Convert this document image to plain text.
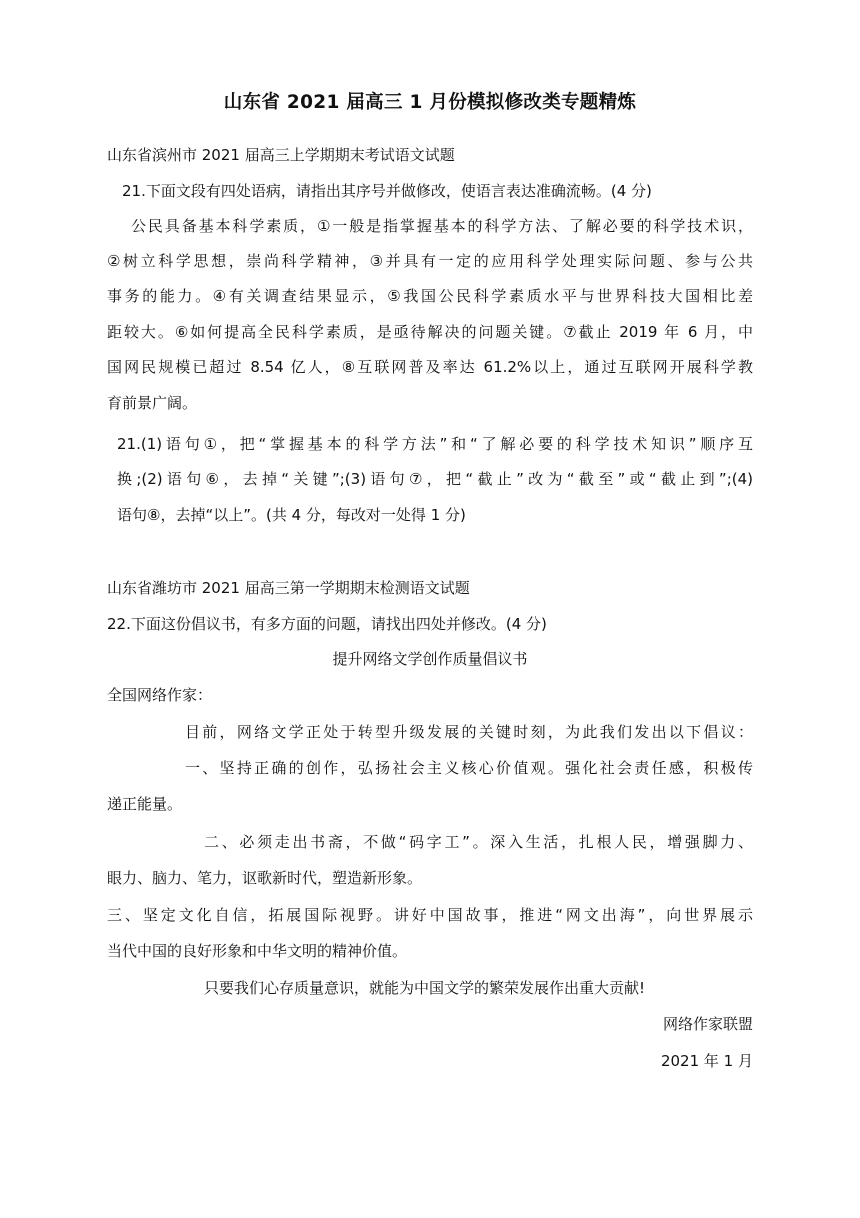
山东省 2021 届高三 1 月份模拟修改类专题精炼
山东省滨州市 2021 届高三上学期期末考试语文试题
21.下面文段有四处语病，请指出其序号并做修改，使语言表达准确流畅。(4 分)
公民具备基本科学素质，①一般是指掌握基本的科学方法、了解必要的科学技术识，
②树立科学思想，崇尚科学精神，③并具有一定的应用科学处理实际问题、参与公共
事务的能力。④有关调查结果显示，⑤我国公民科学素质水平与世界科技大国相比差
距较大。⑥如何提高全民科学素质，是亟待解决的问题关键。⑦截止 2019 年 6 月，中
国网民规模已超过 8.54 亿人，⑧互联网普及率达 61.2%以上，通过互联网开展科学教
育前景广阔。
21.(1)语句①，把“掌握基本的科学方法”和“了解必要的科学技术知识”顺序互
换;(2)语句⑥，去掉“关键”;(3)语句⑦，把“截止”改为“截至”或“截止到”;(4)
语句⑧，去掉“以上”。(共 4 分，每改对一处得 1 分)
山东省潍坊市 2021 届高三第一学期期末检测语文试题
22.下面这份倡议书，有多方面的问题，请找出四处并修改。(4 分)
提升网络文学创作质量倡议书
全国网络作家：
目前，网络文学正处于转型升级发展的关键时刻，为此我们发出以下倡议：
一、坚持正确的创作，弘扬社会主义核心价值观。强化社会责任感，积极传
递正能量。
二、必须走出书斋，不做“码字工”。深入生活，扎根人民，增强脚力、
眼力、脑力、笔力，讴歌新时代，塑造新形象。
三、坚定文化自信，拓展国际视野。讲好中国故事，推进“网文出海”，向世界展示
当代中国的良好形象和中华文明的精神价值。
只要我们心存质量意识，就能为中国文学的繁荣发展作出重大贡献!
网络作家联盟
2021 年 1 月
